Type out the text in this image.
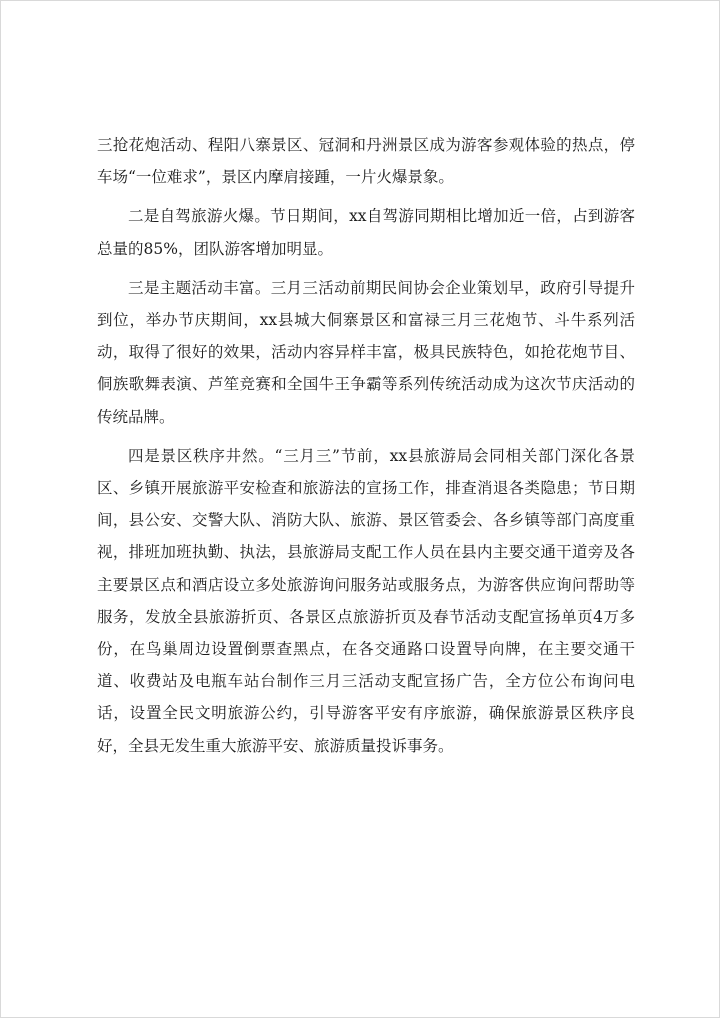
三抢花炮活动、程阳八寨景区、冠洞和丹洲景区成为游客参观体验的热点，停车场“一位难求”，景区内摩肩接踵，一片火爆景象。

二是自驾旅游火爆。节日期间，xx自驾游同期相比增加近一倍，占到游客总量的85%，团队游客增加明显。

三是主题活动丰富。三月三活动前期民间协会企业策划早，政府引导提升到位，举办节庆期间，xx县城大侗寨景区和富禄三月三花炮节、斗牛系列活动，取得了很好的效果，活动内容异样丰富，极具民族特色，如抢花炮节目、侗族歌舞表演、芦笙竞赛和全国牛王争霸等系列传统活动成为这次节庆活动的传统品牌。

四是景区秩序井然。“三月三”节前，xx县旅游局会同相关部门深化各景区、乡镇开展旅游平安检查和旅游法的宣扬工作，排查消退各类隐患；节日期间，县公安、交警大队、消防大队、旅游、景区管委会、各乡镇等部门高度重视，排班加班执勤、执法，县旅游局支配工作人员在县内主要交通干道旁及各主要景区点和酒店设立多处旅游询问服务站或服务点，为游客供应询问帮助等服务，发放全县旅游折页、各景区点旅游折页及春节活动支配宣扬单页4万多份，在鸟巢周边设置倒票查黑点，在各交通路口设置导向牌，在主要交通干道、收费站及电瓶车站台制作三月三活动支配宣扬广告，全方位公布询问电话，设置全民文明旅游公约，引导游客平安有序旅游，确保旅游景区秩序良好，全县无发生重大旅游平安、旅游质量投诉事务。
